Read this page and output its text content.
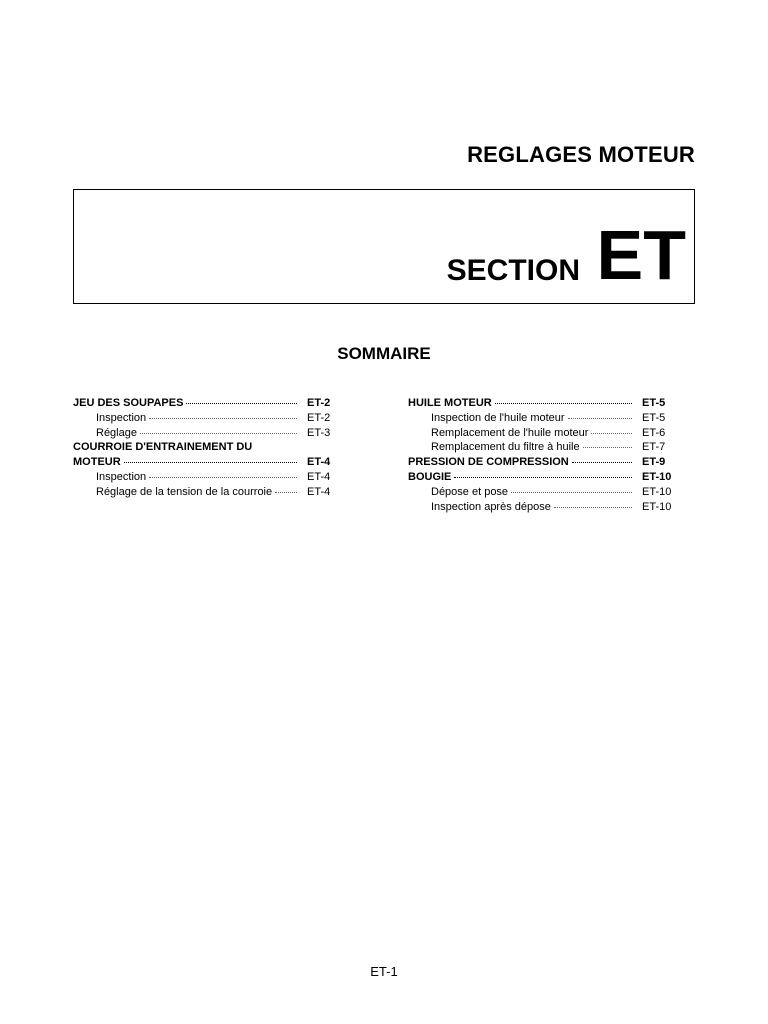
REGLAGES MOTEUR
SECTION ET
SOMMAIRE
JEU DES SOUPAPES	ET-2
Inspection	ET-2
Réglage	ET-3
COURROIE D'ENTRAINEMENT DU
MOTEUR	ET-4
Inspection	ET-4
Réglage de la tension de la courroie	ET-4
HUILE MOTEUR	ET-5
Inspection de l'huile moteur	ET-5
Remplacement de l'huile moteur	ET-6
Remplacement du filtre à huile	ET-7
PRESSION DE COMPRESSION	ET-9
BOUGIE	ET-10
Dépose et pose	ET-10
Inspection après dépose	ET-10
ET-1
